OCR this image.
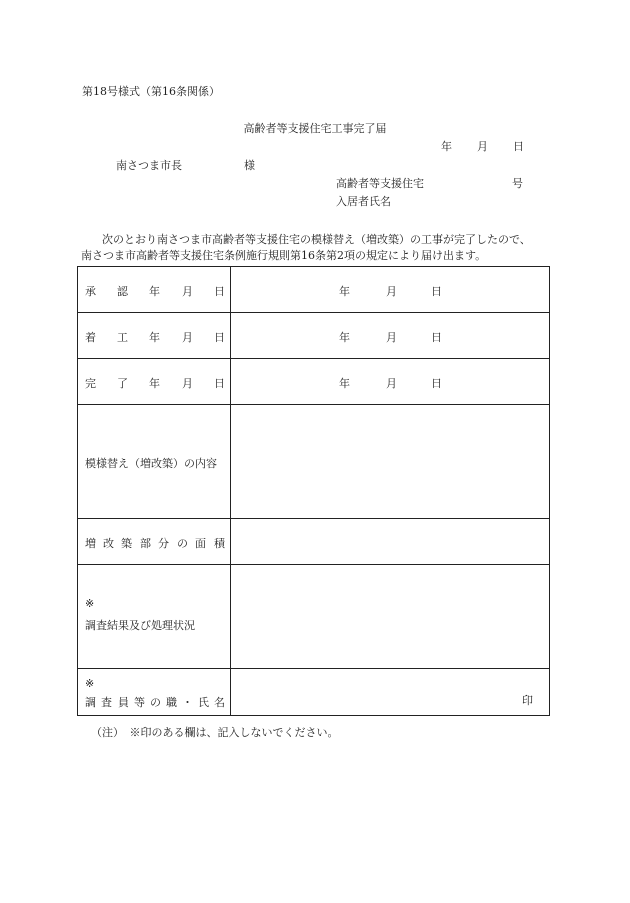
第18号様式（第16条関係）
高齢者等支援住宅工事完了届
年 月 日
南さつま市長	様
高齢者等支援住宅	号
入居者氏名
次のとおり南さつま市高齢者等支援住宅の模様替え（増改築）の工事が完了したので、
南さつま市高齢者等支援住宅条例施行規則第16条第2項の規定により届け出ます。
承 認 年 月 日	年	月	日
着 工 年 月 日	年	月	日
完 了 年 月 日	年	月	日
模様替え（増改築）の内容
増 改 築 部 分 の 面 積
※
調査結果及び処理状況
※
調 査 員 等 の 職 ・ 氏 名	印
（注）　※印のある欄は、記入しないでください。
